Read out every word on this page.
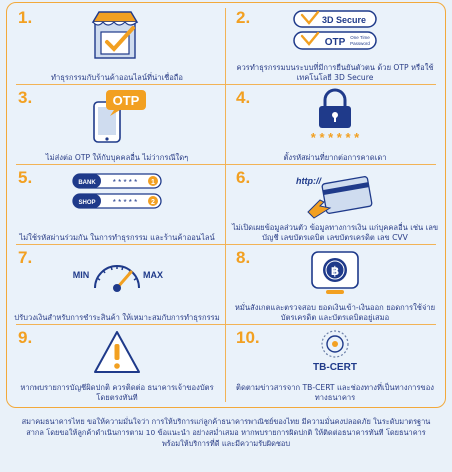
1.
ทำธุรกรรมกับร้านค้าออนไลน์ที่น่าเชื่อถือ
2.	3D Secure
OTP One Time
Password
ควรทำธุรกรรมบนระบบที่มีการยืนยันตัวตน ด้วย OTP หรือใช้เทคโนโลยี 3D Secure
3.	OTP
ไม่ส่งต่อ OTP ให้กับบุคคลอื่น ไม่ว่ากรณีใดๆ
4.
* * * * * *
ตั้งรหัสผ่านที่ยากต่อการคาดเดา
5.	BANK * * * * * 1
SHOP * * * * * 2
ไม่ใช้รหัสผ่านร่วมกัน ในการทำธุรกรรม และร้านค้าออนไลน์
6.	http://
ไม่เปิดเผยข้อมูลส่วนตัว ข้อมูลทางการเงิน แก่บุคคลอื่น เช่น เลขบัญชี เลขบัตรเดบิต เลขบัตรเครดิต เลข CVV
7.
MIN	MAX
ปรับวงเงินสำหรับการชำระสินค้า ให้เหมาะสมกับการทำธุรกรรม
8.
฿
หมั่นสังเกตและตรวจสอบ ยอดเงินเข้า-เงินออก ยอดการใช้จ่ายบัตรเครดิต และบัตรเดบิตอยู่เสมอ
9.
หากพบรายการบัญชีผิดปกติ ควรติดต่อ ธนาคารเจ้าของบัตรโดยตรงทันที
10.
TB-CERT
ติดตามข่าวสารจาก TB-CERT และช่องทางที่เป็นทางการของทางธนาคาร
สมาคมธนาคารไทย ขอให้ความมั่นใจว่า การให้บริการแก่ลูกค้าธนาคารพาณิชย์ของไทย มีความมั่นคงปลอดภัย ในระดับมาตรฐานสากล โดยขอให้ลูกค้าดำเนินการตาม 10 ข้อแนะนำ อย่างสม่ำเสมอ หากพบรายการผิดปกติ ให้ติดต่อธนาคารทันที โดยธนาคารพร้อมให้บริการที่ดี และมีความรับผิดชอบ
